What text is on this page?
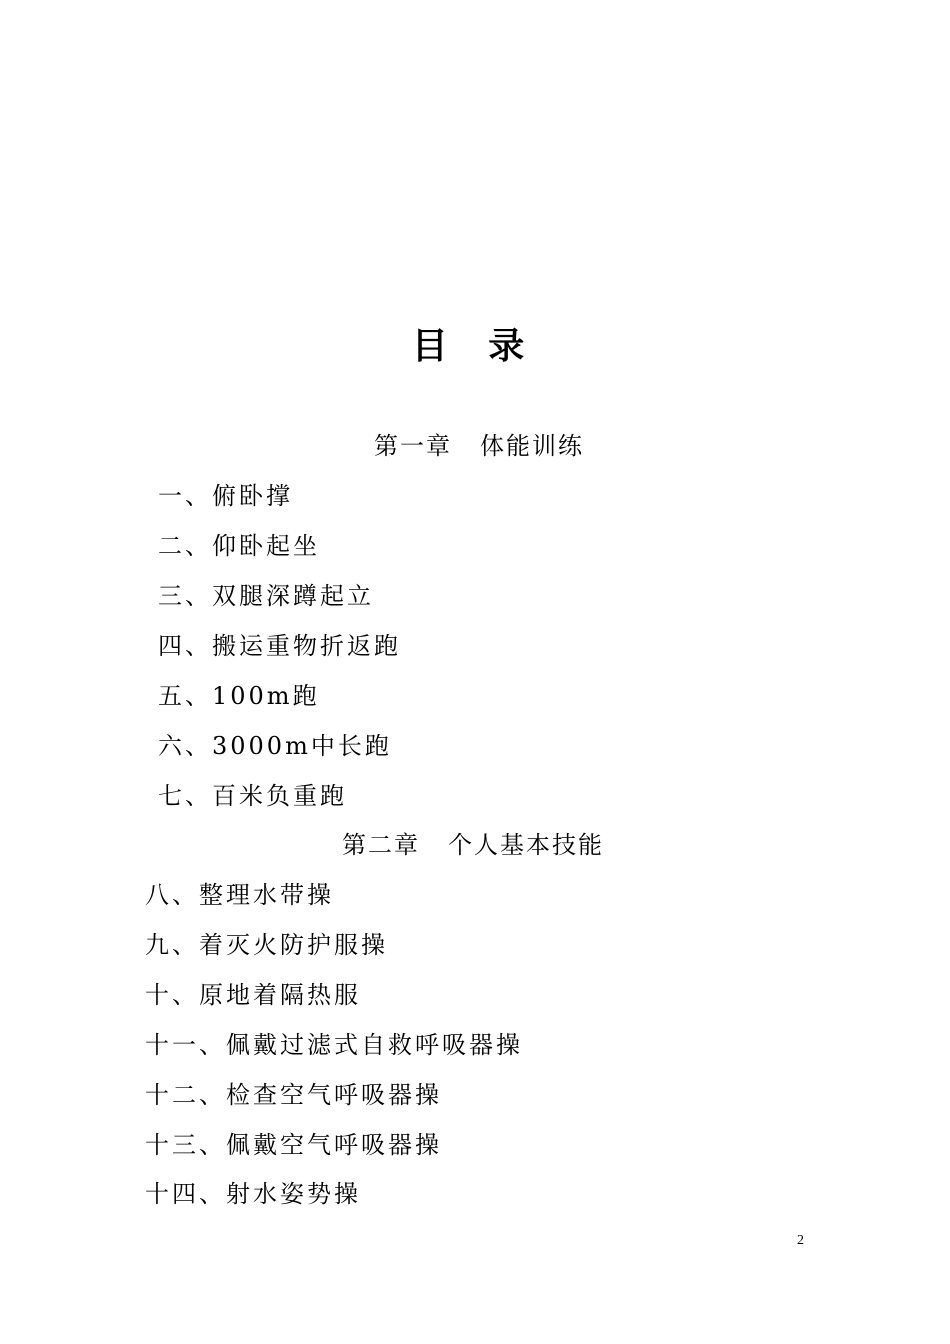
目 录
第一章 体能训练
一、俯卧撑
二、仰卧起坐
三、双腿深蹲起立
四、搬运重物折返跑
五、100m跑
六、3000m中长跑
七、百米负重跑
第二章 个人基本技能
八、整理水带操
九、着灭火防护服操
十、原地着隔热服
十一、佩戴过滤式自救呼吸器操
十二、检查空气呼吸器操
十三、佩戴空气呼吸器操
十四、射水姿势操
2
